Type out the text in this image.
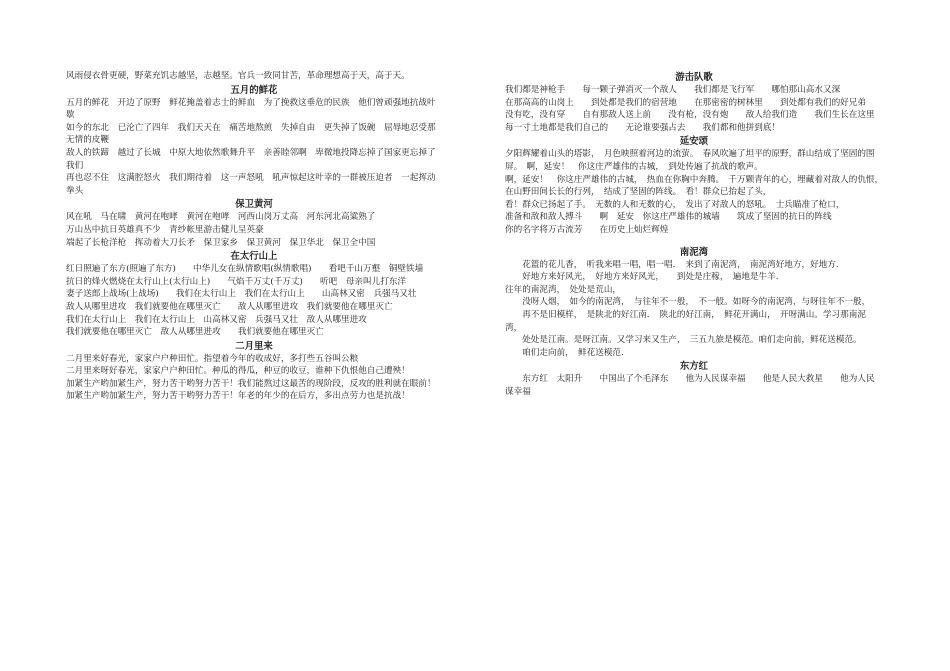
风雨侵衣骨更硬，野菜充饥志越坚，志越坚。官兵一致同甘苦，革命理想高于天，高于天。

五月的鲜花

五月的鲜花　开边了原野　鲜花掩盖着志士的鲜血　为了挽救这垂危的民族　他们曾顽强地抗战叶歇

如今的东北　已沦亡了四年　我们天天在　痛苦地熬煎　失掉自由　更失掉了饭碗　屈辱地忍受那无情的皮鞭

敌人的铁蹄　越过了长城　中原大地依然歌舞升平　亲善睦邻啊　卑微地投降忘掉了国家更忘掉了我们

再也忍不住　这满腔怒火　我们期待着　这一声怒吼　吼声惊起这叶幸的一群被压迫者　一起挥动拳头

保卫黄河

风在吼　马在啸　黄河在咆哮　黄河在咆哮　河西山岗万丈高　河东河北高粱熟了

万山丛中抗日英雄真不少　青纱帐里游击健儿呈英豪

端起了长枪洋枪　挥动着大刀长矛　保卫家乡　保卫黄河　保卫华北　保卫全中国

在太行山上

红日照遍了东方(照遍了东方)　　中华儿女在纵情歌唱(纵情歌唱)　　看吧千山万壑　铜壁铁墙

抗日的烽火燃烧在太行山上(太行山上)　　气焰千万丈(千万丈)　　听吧　母亲叫儿打东洋

妻子送郎上战场(上战场)　　我们在太行山上　我们在太行山上　　山高林又密　兵强马又壮

敌人从哪里进攻　我们就要他在哪里灭亡　　敌人从哪里进攻　我们就要他在哪里灭亡

我们在太行山上　我们在太行山上　山高林又密　兵强马又壮　敌人从哪里进攻

我们就要他在哪里灭亡　敌人从哪里进攻　　我们就要他在哪里灭亡

二月里来

二月里来好春光，家家户户种田忙。指望着今年的收成好，多打些五谷叫公粮

二月里来呀好春光，家家户户种田忙。种瓜的得瓜，种豆的收豆，谁种下仇恨他自己遭殃！

加紧生产哟加紧生产，努力苦干哟努力苦干！我们能熬过这最苦的现阶段，反攻的胜利就在眼前！

加紧生产哟加紧生产，努力苦干哟努力苦干！年老的年少的在后方，多出点劳力也是抗战！

游击队歌

我们都是神枪手　　每一颗子弹消灭一个敌人　　我们都是飞行军　　哪怕那山高水又深

在那高高的山岗上　　到处都是我们的宿营地　　在那密密的树林里　　到处都有我们的好兄弟

没有吃，没有穿　　自有那敌人送上前　　没有枪，没有炮　　敌人给我们造　　我们生长在这里

每一寸土地都是我们自己的　　无论谁要强占去　　我们都和他拼到底！

延安颂

夕阳辉耀着山头的塔影，　月色映照着河边的流萤。　春风吹遍了坦平的原野，群山结成了坚固的围屏。　啊，延安！　你这庄严雄伟的古城，　到处传遍了抗战的歌声。

啊，延安！　你这庄严雄伟的古城，　热血在你胸中奔腾。　千万颗青年的心，埋藏着对敌人的仇恨，　在山野田间长长的行列，　结成了坚固的阵线。　看！群众已抬起了头，

看！群众已扬起了手。　无数的人和无数的心，　发出了对敌人的怒吼。　士兵瞄准了枪口，

准备和敌和敌人搏斗　　啊　延安　你这庄严雄伟的城墙　　筑成了坚固的抗日的阵线

你的名字将万古流芳　　在历史上灿烂辉煌

南泥湾

花篮的花儿香，　听我来唱一唱，唱一唱．　来到了南泥湾，　南泥湾好地方，好地方.

好地方来好风光，　好地方来好风光，　　到处是庄稼，　遍地是牛羊.

往年的南泥湾，　处处是荒山，

没呀人烟，　如今的南泥湾，　与往年不一般，　不一般。如呀今的南泥湾，与呀往年不一般，

再不是旧模样，　是陕北的好江南．　陕北的好江南，　鲜花开满山，　开呀满山。学习那南泥湾，

处处是江南。是呀江南。又学习来又生产，　三五九旅是模范。咱们走向前，鲜花送模范。

咱们走向前，　鲜花送模范.

东方红

东方红　太阳升　　中国出了个毛泽东　　他为人民谋幸福　　他是人民大救星　　他为人民谋幸福
